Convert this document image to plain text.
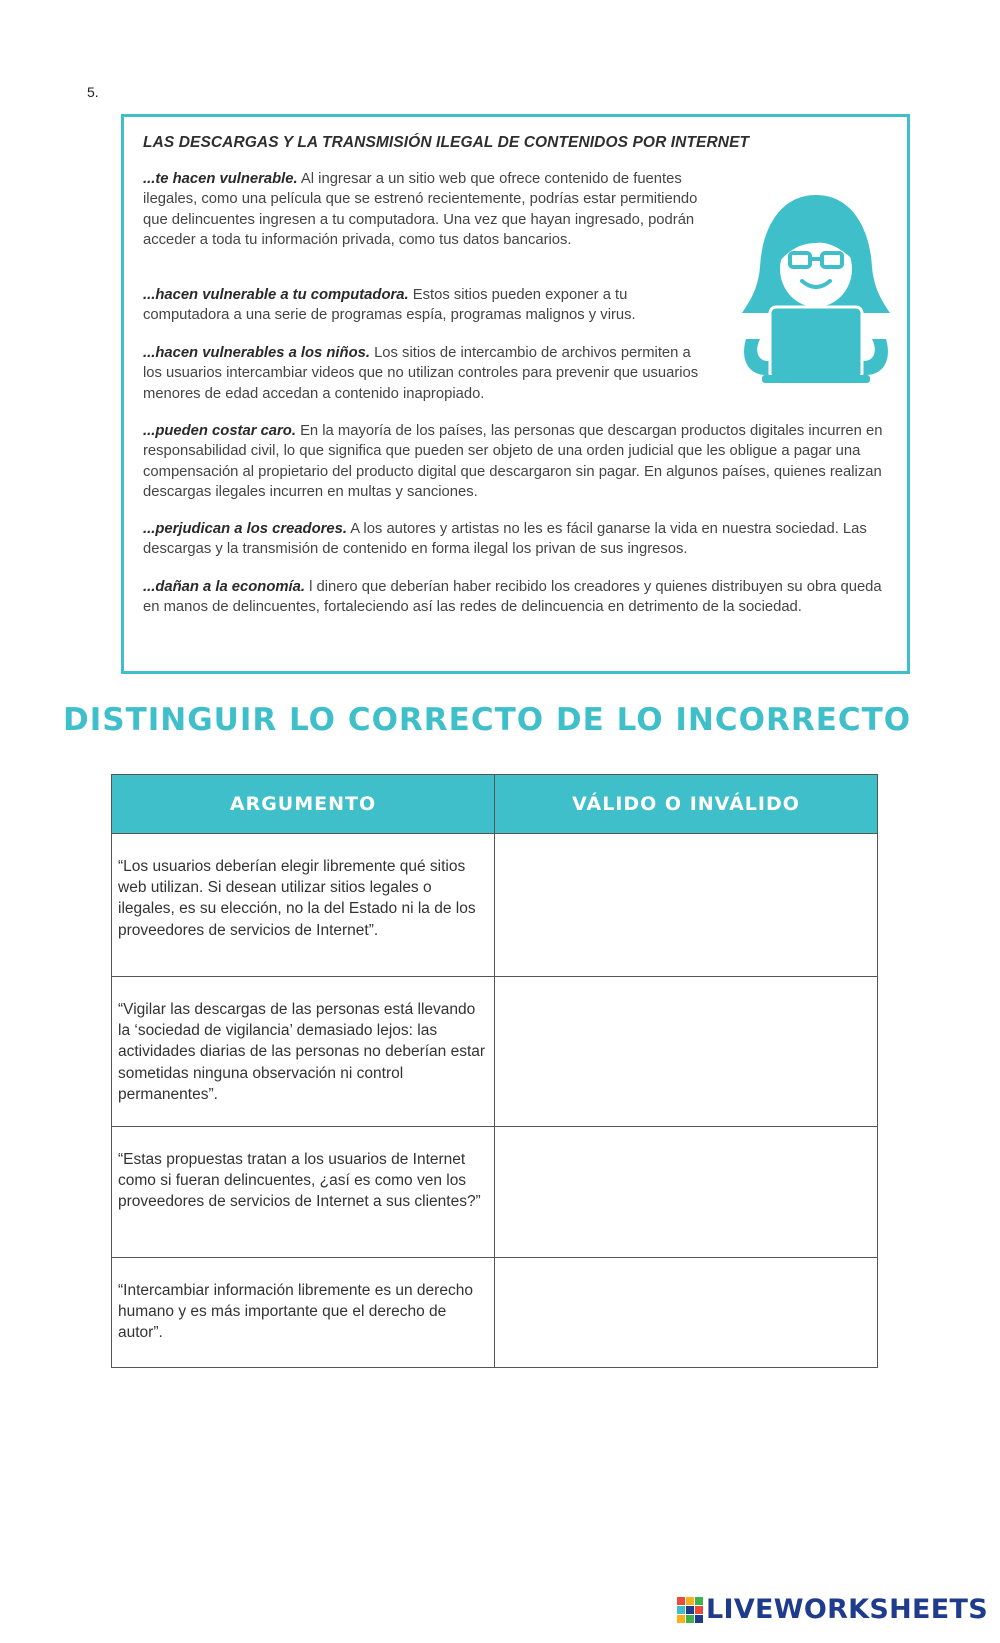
5.
LAS DESCARGAS Y LA TRANSMISIÓN ILEGAL DE CONTENIDOS POR INTERNET

...te hacen vulnerable. Al ingresar a un sitio web que ofrece contenido de fuentes ilegales, como una película que se estrenó recientemente, podrías estar permitiendo que delincuentes ingresen a tu computadora. Una vez que hayan ingresado, podrán acceder a toda tu información privada, como tus datos bancarios.

...hacen vulnerable a tu computadora. Estos sitios pueden exponer a tu computadora a una serie de programas espía, programas malignos y virus.

...hacen vulnerables a los niños. Los sitios de intercambio de archivos permiten a los usuarios intercambiar videos que no utilizan controles para prevenir que usuarios menores de edad accedan a contenido inapropiado.

...pueden costar caro. En la mayoría de los países, las personas que descargan productos digitales incurren en responsabilidad civil, lo que significa que pueden ser objeto de una orden judicial que les obligue a pagar una compensación al propietario del producto digital que descargaron sin pagar. En algunos países, quienes realizan descargas ilegales incurren en multas y sanciones.

...perjudican a los creadores. A los autores y artistas no les es fácil ganarse la vida en nuestra sociedad. Las descargas y la transmisión de contenido en forma ilegal los privan de sus ingresos.

...dañan a la economía. l dinero que deberían haber recibido los creadores y quienes distribuyen su obra queda en manos de delincuentes, fortaleciendo así las redes de delincuencia en detrimento de la sociedad.

DISTINGUIR LO CORRECTO DE LO INCORRECTO
ARGUMENTO	VÁLIDO O INVÁLIDO
“Los usuarios deberían elegir libremente qué sitios web utilizan. Si desean utilizar sitios legales o ilegales, es su elección, no la del Estado ni la de los proveedores de servicios de Internet”.	
“Vigilar las descargas de las personas está llevando la ‘sociedad de vigilancia’ demasiado lejos: las actividades diarias de las personas no deberían estar sometidas ninguna observación ni control permanentes”.	
“Estas propuestas tratan a los usuarios de Internet como si fueran delincuentes, ¿así es como ven los proveedores de servicios de Internet a sus clientes?”	
“Intercambiar información libremente es un derecho humano y es más importante que el derecho de autor”.	
LIVEWORKSHEETS
